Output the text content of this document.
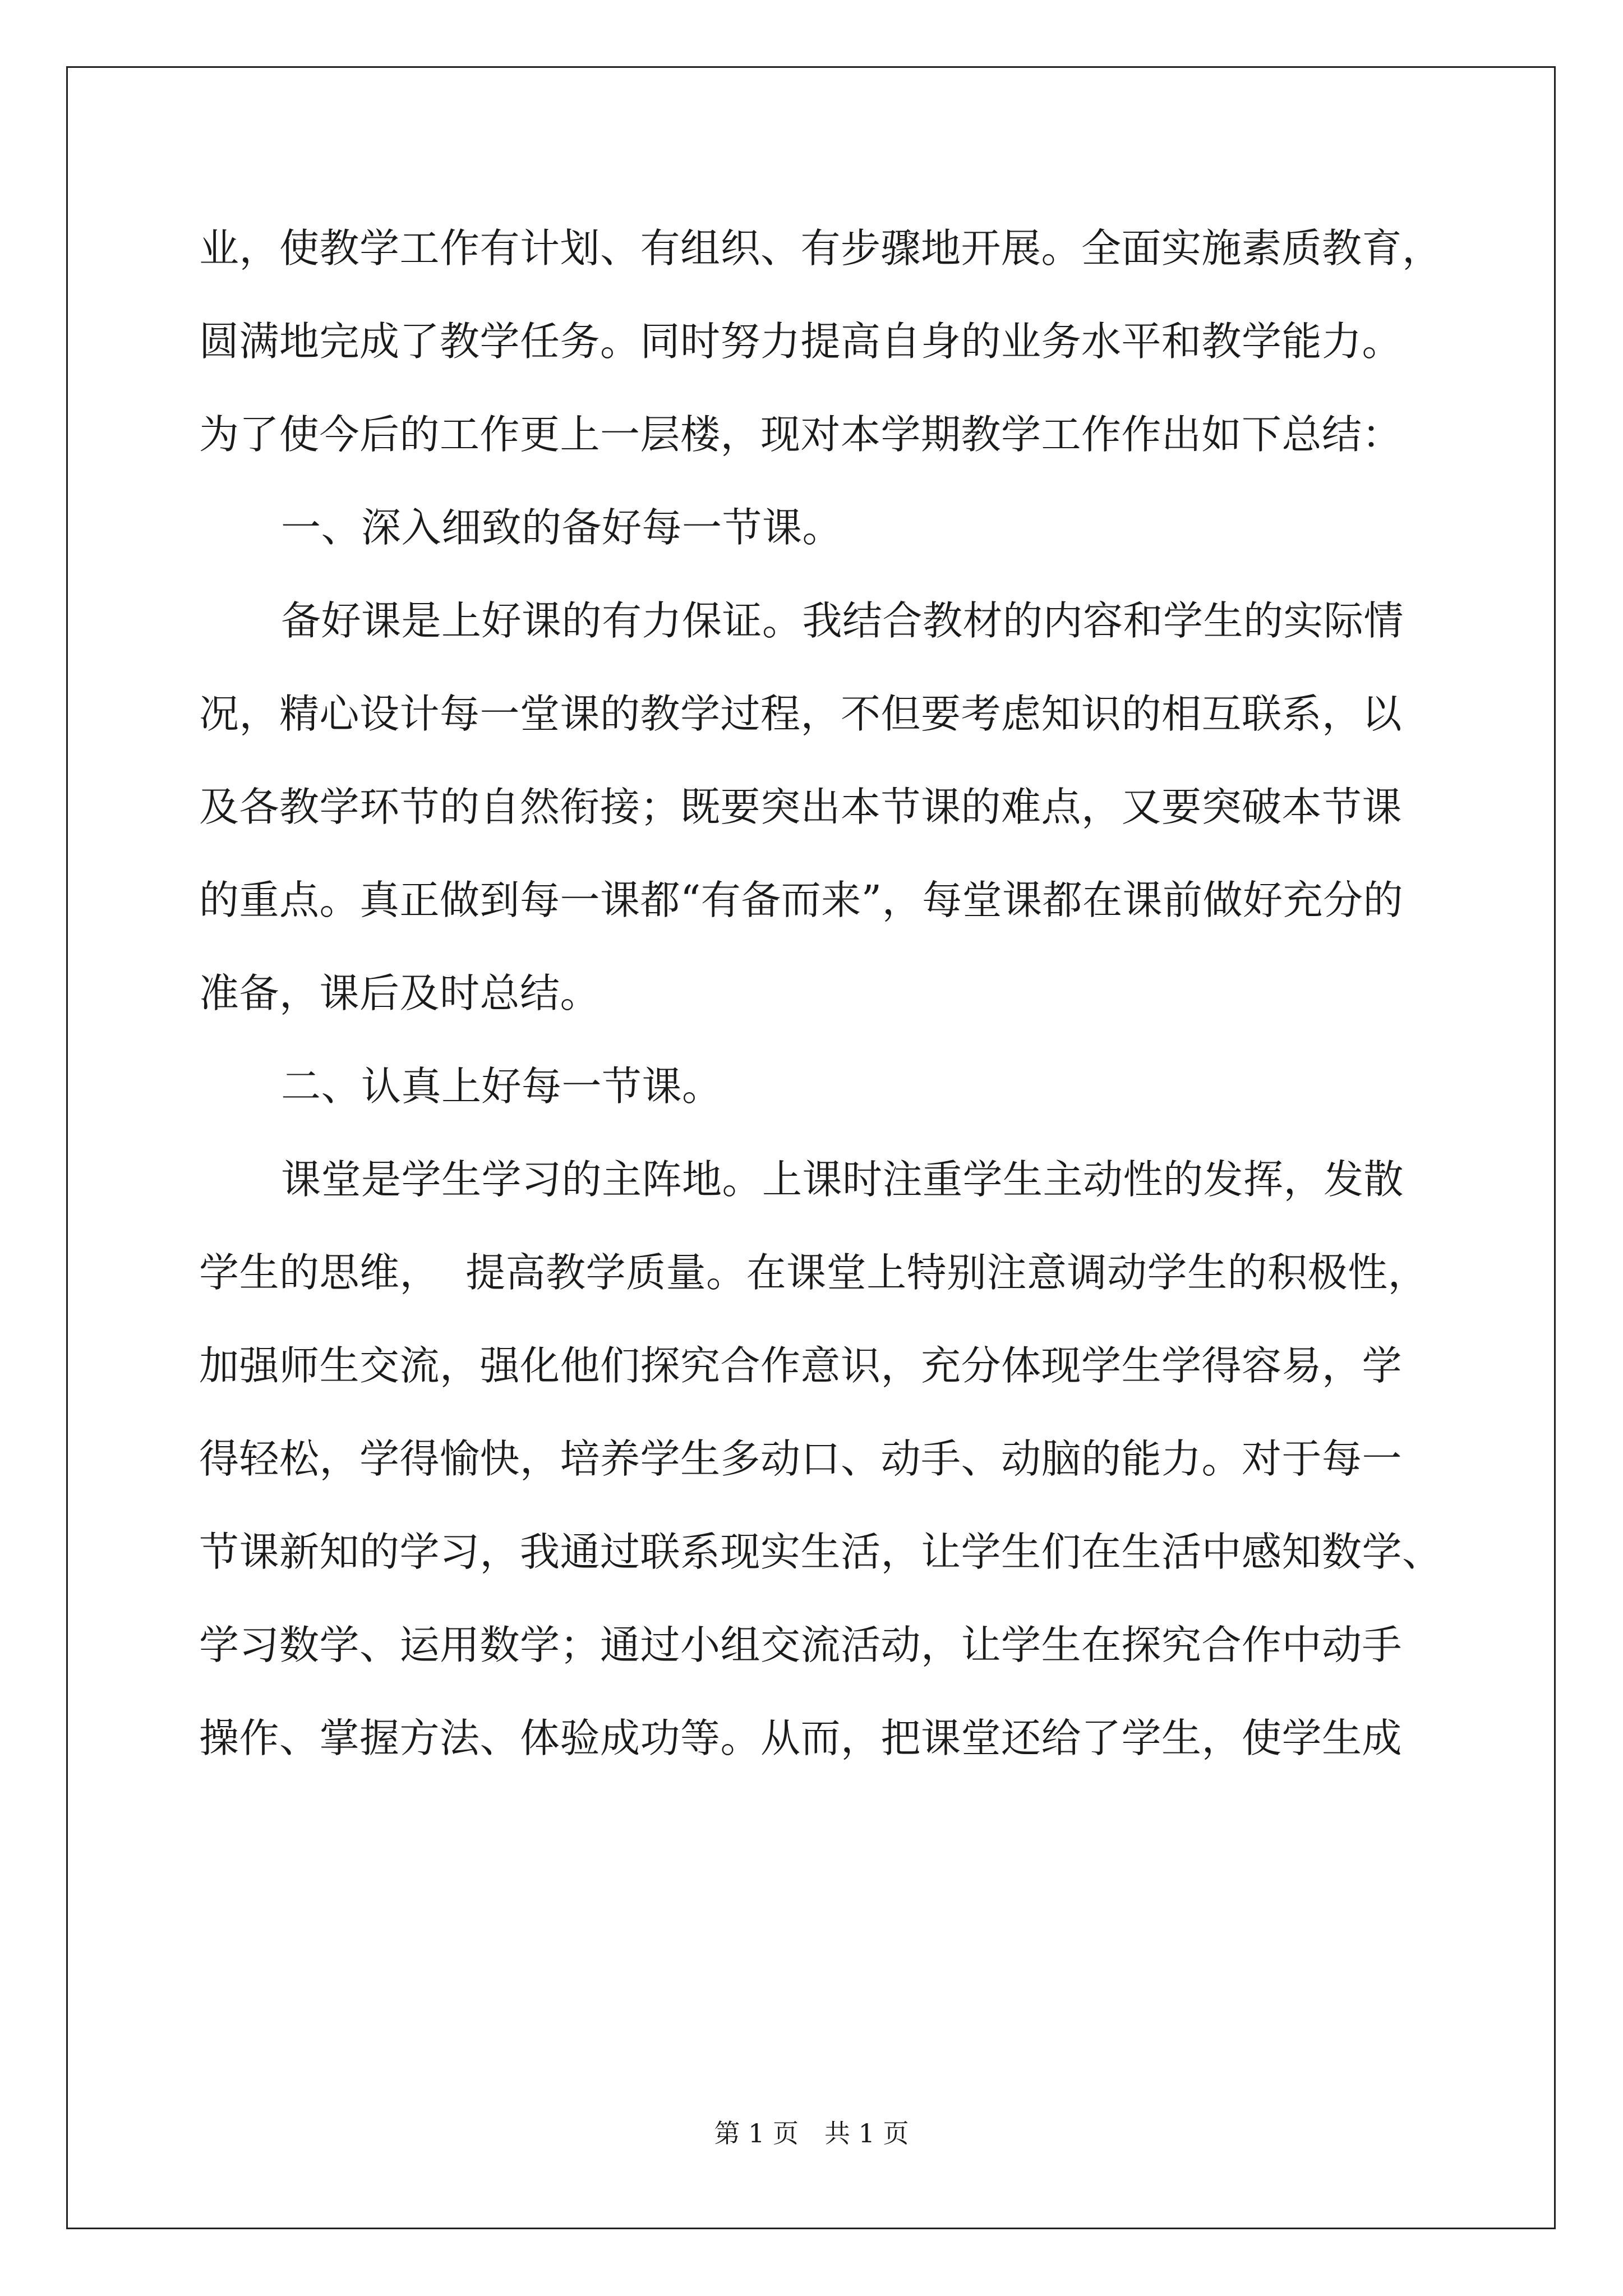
业，使教学工作有计划、有组织、有步骤地开展。全面实施素质教育，
圆满地完成了教学任务。同时努力提高自身的业务水平和教学能力。
为了使今后的工作更上一层楼，现对本学期教学工作作出如下总结：
一、深入细致的备好每一节课。
备好课是上好课的有力保证。我结合教材的内容和学生的实际情
况，精心设计每一堂课的教学过程，不但要考虑知识的相互联系，以
及各教学环节的自然衔接；既要突出本节课的难点，又要突破本节课
的重点。真正做到每一课都“有备而来”，每堂课都在课前做好充分的
准备，课后及时总结。
二、认真上好每一节课。
课堂是学生学习的主阵地。上课时注重学生主动性的发挥，发散
学生的思维，  提高教学质量。在课堂上特别注意调动学生的积极性，
加强师生交流，强化他们探究合作意识，充分体现学生学得容易，学
得轻松，学得愉快，培养学生多动口、动手、动脑的能力。对于每一
节课新知的学习，我通过联系现实生活，让学生们在生活中感知数学、
学习数学、运用数学；通过小组交流活动，让学生在探究合作中动手
操作、掌握方法、体验成功等。从而，把课堂还给了学生，使学生成
第 1 页　共 1 页
